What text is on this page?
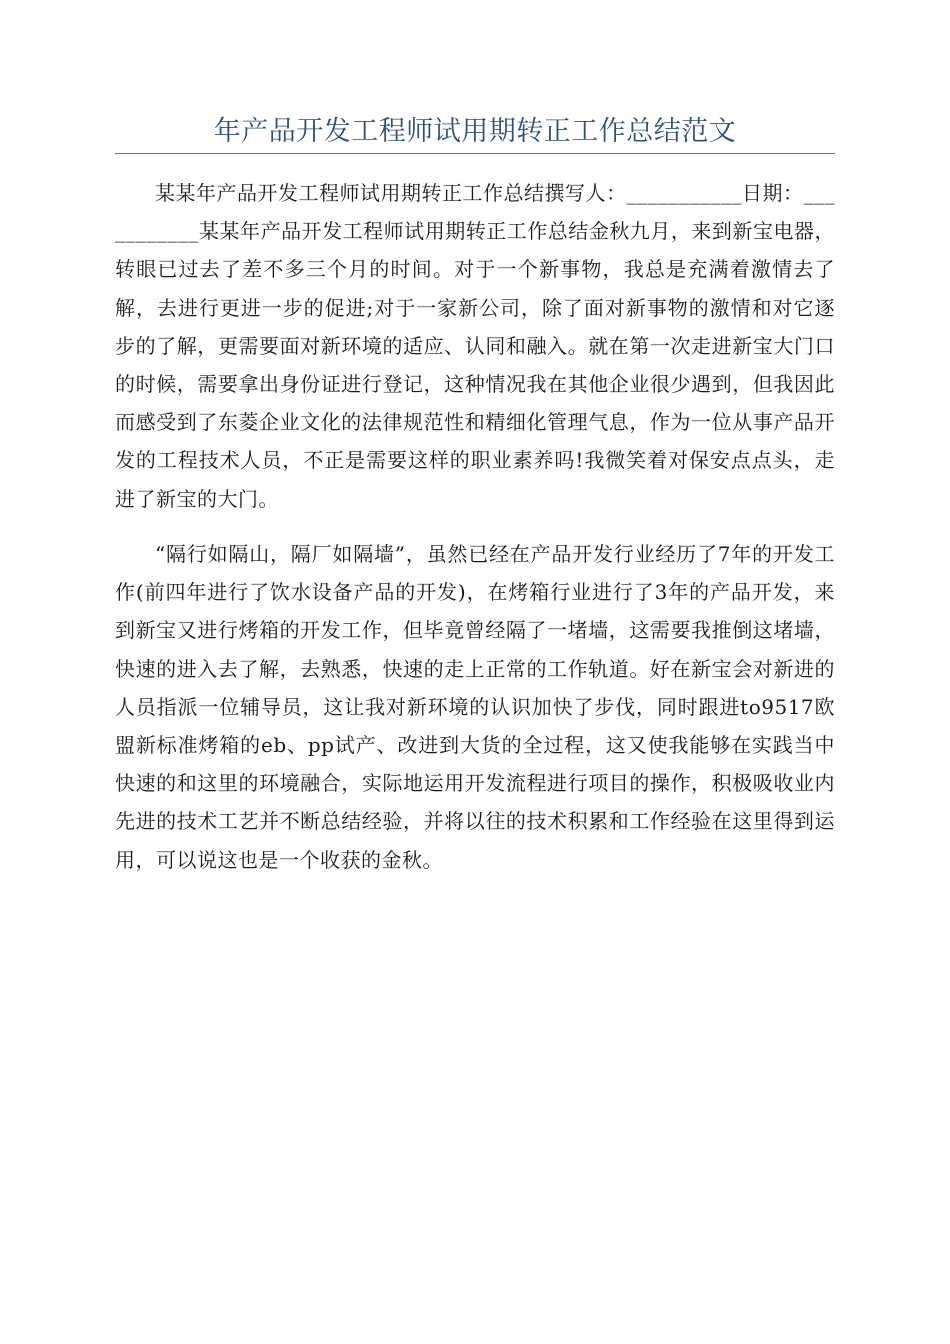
年产品开发工程师试用期转正工作总结范文

某某年产品开发工程师试用期转正工作总结撰写人：___________日期：___________某某年产品开发工程师试用期转正工作总结金秋九月，来到新宝电器，转眼已过去了差不多三个月的时间。对于一个新事物，我总是充满着激情去了解，去进行更进一步的促进;对于一家新公司，除了面对新事物的激情和对它逐步的了解，更需要面对新环境的适应、认同和融入。就在第一次走进新宝大门口的时候，需要拿出身份证进行登记，这种情况我在其他企业很少遇到，但我因此而感受到了东菱企业文化的法律规范性和精细化管理气息，作为一位从事产品开发的工程技术人员，不正是需要这样的职业素养吗!我微笑着对保安点点头，走进了新宝的大门。

“隔行如隔山，隔厂如隔墙”，虽然已经在产品开发行业经历了7年的开发工作(前四年进行了饮水设备产品的开发)，在烤箱行业进行了3年的产品开发，来到新宝又进行烤箱的开发工作，但毕竟曾经隔了一堵墙，这需要我推倒这堵墙，快速的进入去了解，去熟悉，快速的走上正常的工作轨道。好在新宝会对新进的人员指派一位辅导员，这让我对新环境的认识加快了步伐，同时跟进to9517欧盟新标准烤箱的eb、pp试产、改进到大货的全过程，这又使我能够在实践当中快速的和这里的环境融合，实际地运用开发流程进行项目的操作，积极吸收业内先进的技术工艺并不断总结经验，并将以往的技术积累和工作经验在这里得到运用，可以说这也是一个收获的金秋。
